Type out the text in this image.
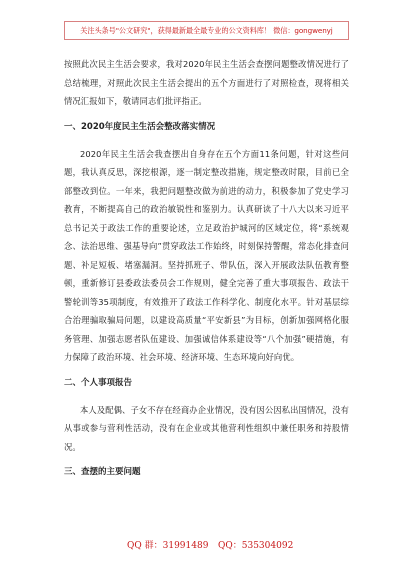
关注头条号"公文研究"，获得最新最全最专业的公文资料库！ 微信：gongwenyj

按照此次民主生活会要求，我对2020年民主生活会查摆问题整改情况进行了总结梳理，对照此次民主生活会提出的五个方面进行了对照检查，现将相关情况汇报如下，敬请同志们批评指正。

一、2020年度民主生活会整改落实情况

2020年民主生活会我查摆出自身存在五个方面11条问题，针对这些问题，我认真反思，深挖根源，逐一制定整改措施，规定整改时限，目前已全部整改到位。一年来，我把问题整改做为前进的动力，积极参加了党史学习教育，不断提高自己的政治敏锐性和鉴别力。认真研读了十八大以来习近平总书记关于政法工作的重要论述，立足政治护城河的区域定位，将“系统观念、法治思维、强基导向”贯穿政法工作始终，时刻保持警醒，常态化排查问题、补足短板、堵塞漏洞。坚持抓班子、带队伍，深入开展政法队伍教育整顿，重新修订县委政法委员会工作规则，健全完善了重大事项报告、政法干警轮训等35项制度，有效推开了政法工作科学化、制度化水平。针对基层综合治理骗取骗局问题，以建设高质量“平安新县”为目标，创新加强网格化服务管理、加强志愿者队伍建设、加强诚信体系建设等“八个加强”硬措施，有力保障了政治环境、社会环境、经济环境、生态环境向好向优。

二、个人事项报告

本人及配偶、子女不存在经商办企业情况，没有因公因私出国情况，没有从事或参与营利性活动，没有在企业或其他营利性组织中兼任职务和持股情况。

三、查摆的主要问题
QQ 群：31991489 QQ：535304092
